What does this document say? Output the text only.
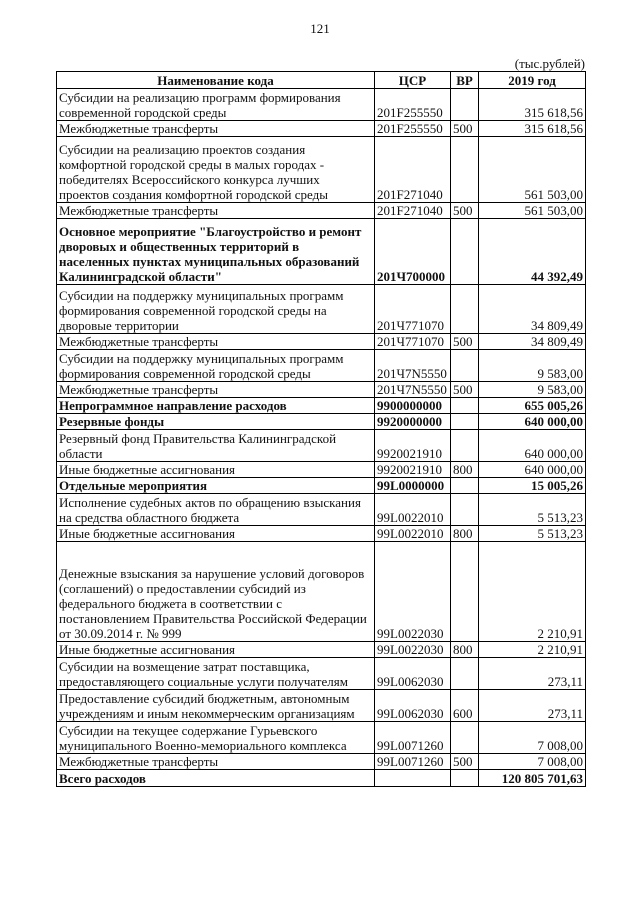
121
(тыс.рублей)
Наименование кода	ЦСР	ВР	2019 год
Субсидии на реализацию программ формирования современной городской среды	201F255550		315 618,56
Межбюджетные трансферты	201F255550	500	315 618,56
Субсидии на реализацию проектов создания комфортной городской среды в малых городах - победителях Всероссийского конкурса лучших проектов создания комфортной городской среды	201F271040		561 503,00
Межбюджетные трансферты	201F271040	500	561 503,00
Основное мероприятие "Благоустройство и ремонт дворовых и общественных территорий в населенных пунктах муниципальных образований Калининградской области"	201Ч700000		44 392,49
Субсидии на поддержку муниципальных программ формирования современной городской среды на дворовые территории	201Ч771070		34 809,49
Межбюджетные трансферты	201Ч771070	500	34 809,49
Субсидии на поддержку муниципальных программ формирования современной городской среды	201Ч7N5550		9 583,00
Межбюджетные трансферты	201Ч7N5550	500	9 583,00
Непрограммное направление расходов	9900000000		655 005,26
Резервные фонды	9920000000		640 000,00
Резервный фонд Правительства Калининградской области	9920021910		640 000,00
Иные бюджетные ассигнования	9920021910	800	640 000,00
Отдельные мероприятия	99L0000000		15 005,26
Исполнение судебных актов по обращению взыскания на средства областного бюджета	99L0022010		5 513,23
Иные бюджетные ассигнования	99L0022010	800	5 513,23
Денежные взыскания за нарушение условий договоров (соглашений) о предоставлении субсидий из федерального бюджета в соответствии с постановлением Правительства Российской Федерации от 30.09.2014 г. № 999	99L0022030		2 210,91
Иные бюджетные ассигнования	99L0022030	800	2 210,91
Субсидии на возмещение затрат поставщика, предоставляющего социальные услуги получателям	99L0062030		273,11
Предоставление субсидий бюджетным, автономным учреждениям и иным некоммерческим организациям	99L0062030	600	273,11
Субсидии на текущее содержание Гурьевского муниципального Военно-мемориального комплекса	99L0071260		7 008,00
Межбюджетные трансферты	99L0071260	500	7 008,00
Всего расходов			120 805 701,63
